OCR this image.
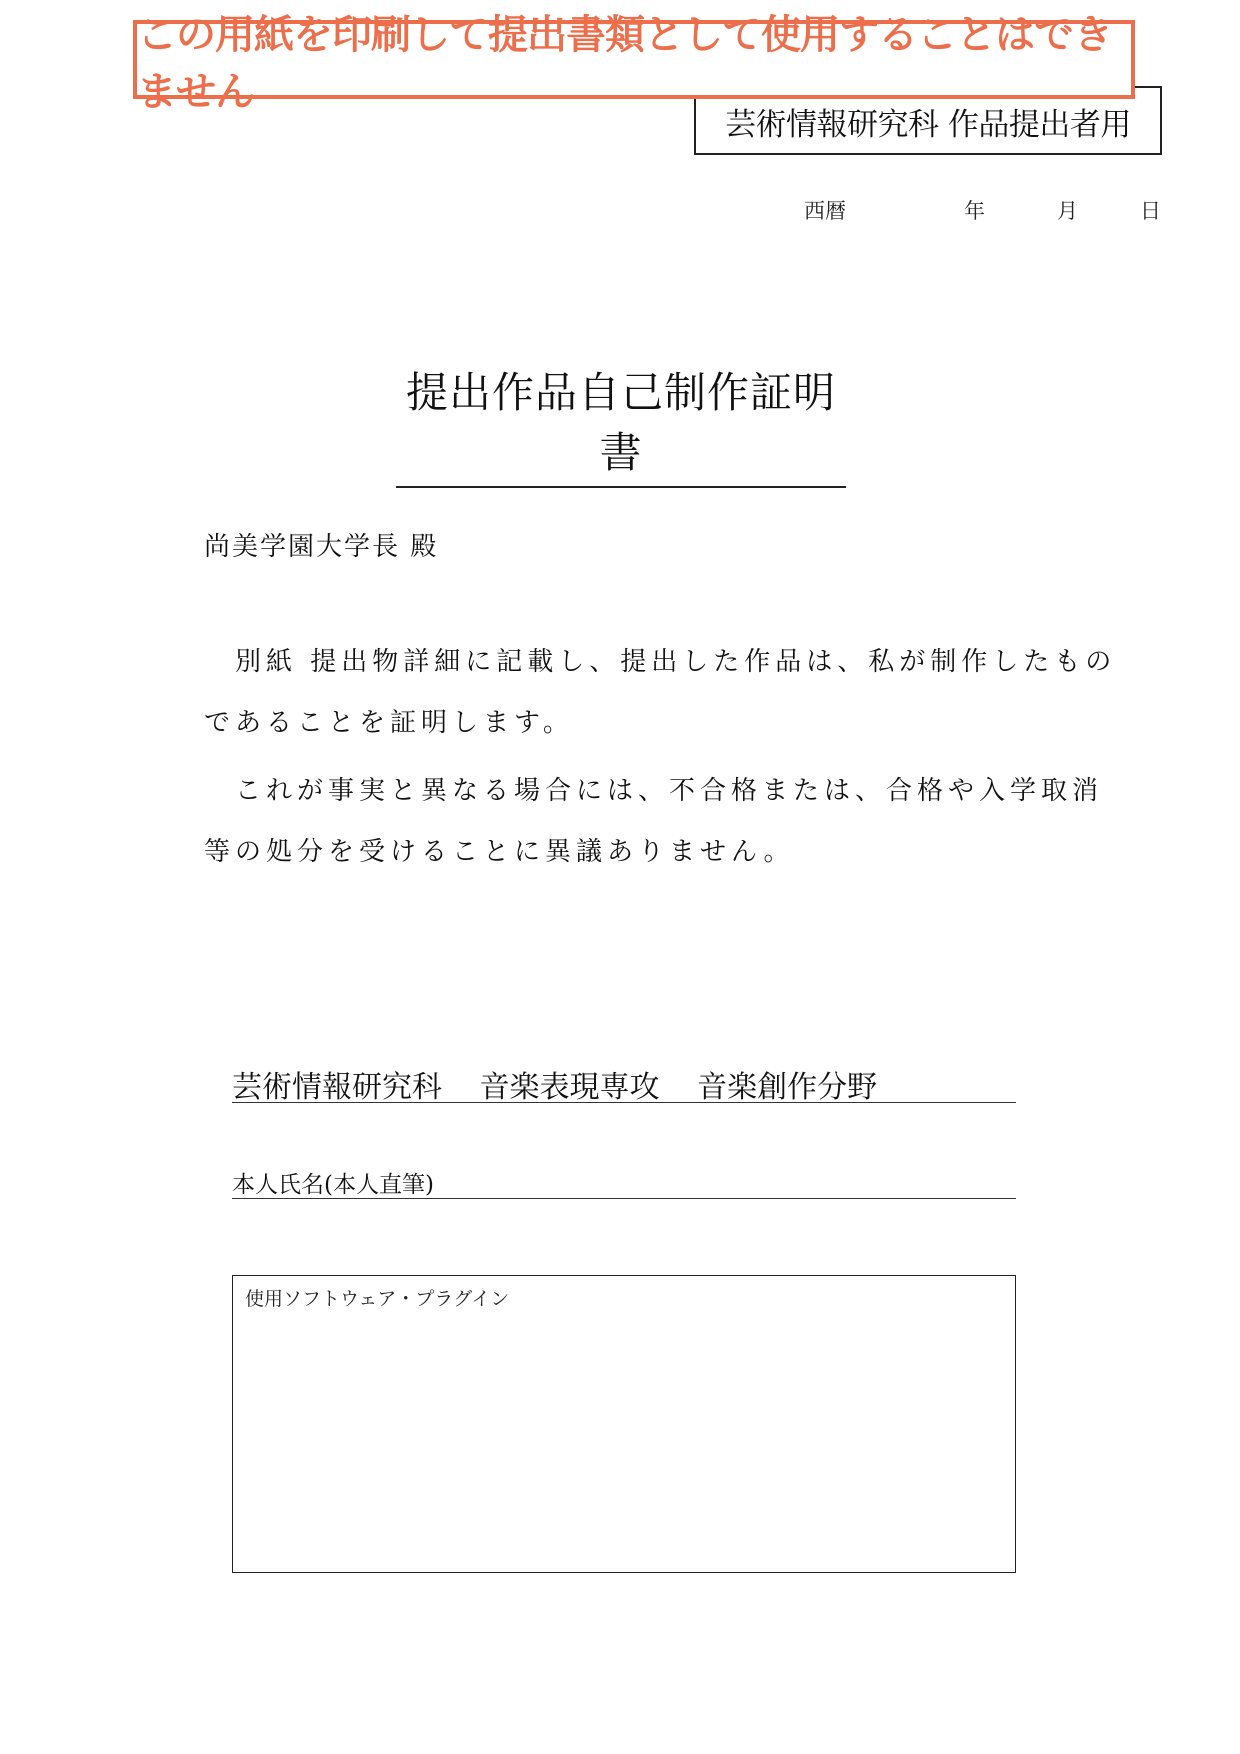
この用紙を印刷して提出書類として使用することはできません
芸術情報研究科 作品提出者用
西暦	年	月	日
提出作品自己制作証明書
尚美学園大学長 殿
　別紙 提出物詳細に記載し、提出した作品は、私が制作したもの
であることを証明します。
　これが事実と異なる場合には、不合格または、合格や入学取消
等の処分を受けることに異議ありません。
芸術情報研究科 音楽表現専攻 音楽創作分野
本人氏名(本人直筆)
使用ソフトウェア・プラグイン
